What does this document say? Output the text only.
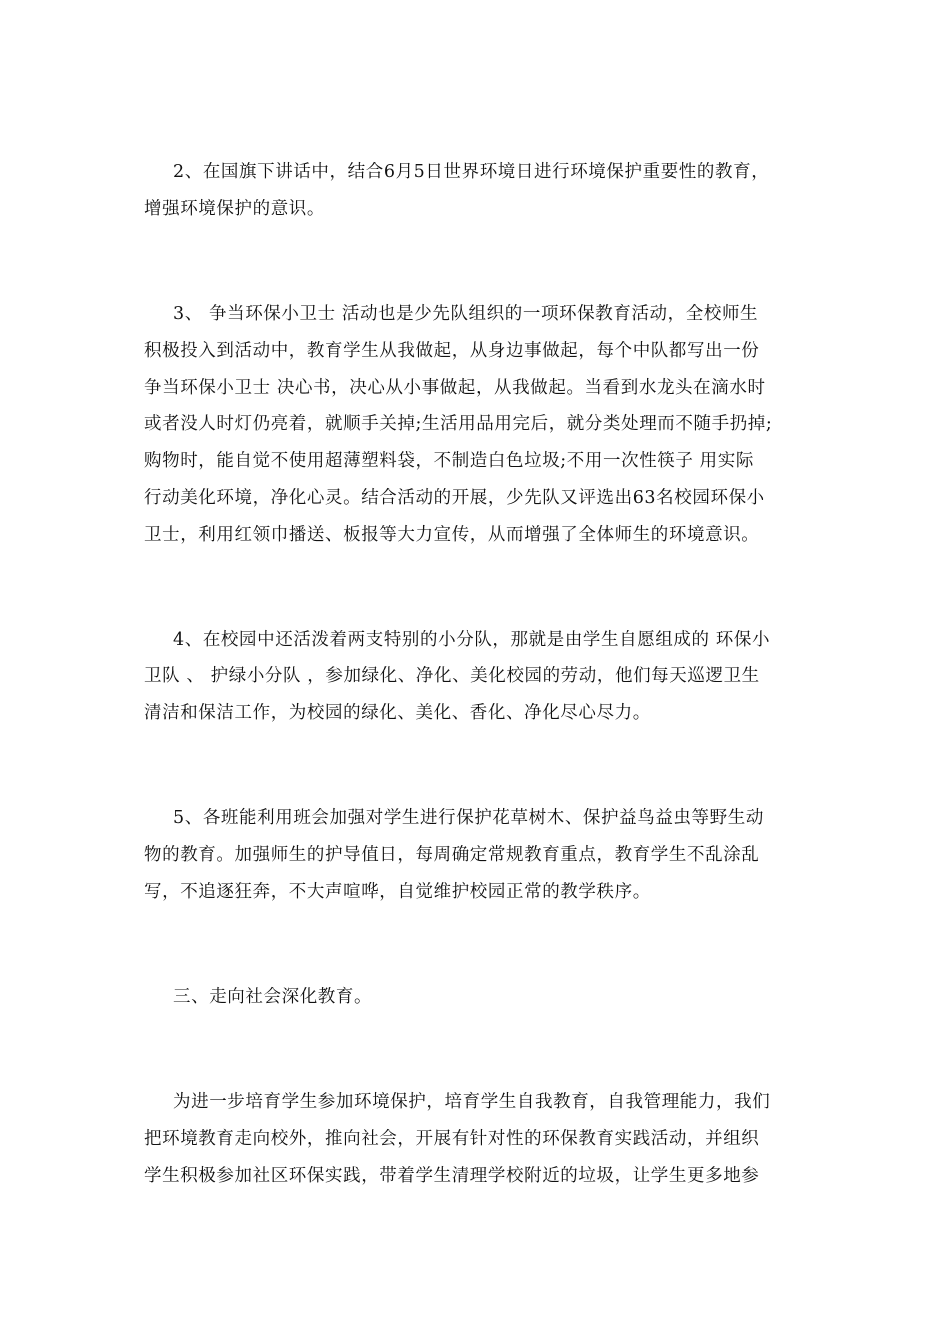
2、在国旗下讲话中，结合6月5日世界环境日进行环境保护重要性的教育，

增强环境保护的意识。

3、 争当环保小卫士 活动也是少先队组织的一项环保教育活动，全校师生

积极投入到活动中，教育学生从我做起，从身边事做起，每个中队都写出一份

争当环保小卫士 决心书，决心从小事做起，从我做起。当看到水龙头在滴水时

或者没人时灯仍亮着，就顺手关掉;生活用品用完后，就分类处理而不随手扔掉;

购物时，能自觉不使用超薄塑料袋，不制造白色垃圾;不用一次性筷子 用实际

行动美化环境，净化心灵。结合活动的开展，少先队又评选出63名校园环保小

卫士，利用红领巾播送、板报等大力宣传，从而增强了全体师生的环境意识。

4、在校园中还活泼着两支特别的小分队，那就是由学生自愿组成的 环保小

卫队 、 护绿小分队 ，参加绿化、净化、美化校园的劳动，他们每天巡逻卫生

清洁和保洁工作，为校园的绿化、美化、香化、净化尽心尽力。

5、各班能利用班会加强对学生进行保护花草树木、保护益鸟益虫等野生动

物的教育。加强师生的护导值日，每周确定常规教育重点，教育学生不乱涂乱

写，不追逐狂奔，不大声喧哗，自觉维护校园正常的教学秩序。

三、走向社会深化教育。

为进一步培育学生参加环境保护，培育学生自我教育，自我管理能力，我们

把环境教育走向校外，推向社会，开展有针对性的环保教育实践活动，并组织

学生积极参加社区环保实践，带着学生清理学校附近的垃圾，让学生更多地参
